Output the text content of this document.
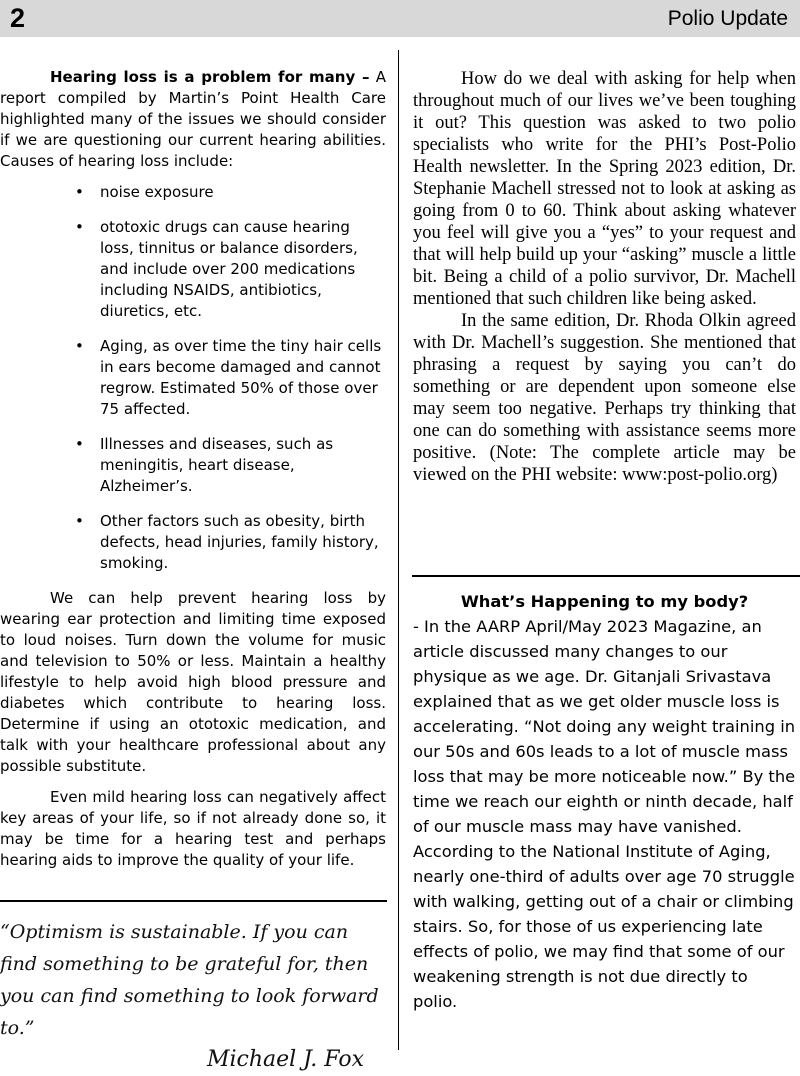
2	Polio Update

Hearing loss is a problem for many – A report compiled by Martin’s Point Health Care highlighted many of the issues we should consider if we are questioning our current hearing abilities. Causes of hearing loss include:

• noise exposure
• ototoxic drugs can cause hearing loss, tinnitus or balance disorders, and include over 200 medications including NSAIDS, antibiotics, diuretics, etc.
• Aging, as over time the tiny hair cells in ears become damaged and cannot regrow. Estimated 50% of those over 75 affected.
• Illnesses and diseases, such as meningitis, heart disease, Alzheimer’s.
• Other factors such as obesity, birth defects, head injuries, family history, smoking.

We can help prevent hearing loss by wearing ear protection and limiting time exposed to loud noises. Turn down the volume for music and television to 50% or less. Maintain a healthy lifestyle to help avoid high blood pressure and diabetes which contribute to hearing loss. Determine if using an ototoxic medication, and talk with your healthcare professional about any possible substitute.

Even mild hearing loss can negatively affect key areas of your life, so if not already done so, it may be time for a hearing test and perhaps hearing aids to improve the quality of your life.

“Optimism is sustainable. If you can find something to be grateful for, then you can find something to look forward to.”
Michael J. Fox

How do we deal with asking for help when throughout much of our lives we’ve been toughing it out? This question was asked to two polio specialists who write for the PHI’s Post-Polio Health newsletter. In the Spring 2023 edition, Dr. Stephanie Machell stressed not to look at asking as going from 0 to 60. Think about asking whatever you feel will give you a “yes” to your request and that will help build up your “asking” muscle a little bit. Being a child of a polio survivor, Dr. Machell mentioned that such children like being asked.

In the same edition, Dr. Rhoda Olkin agreed with Dr. Machell’s suggestion. She mentioned that phrasing a request by saying you can’t do something or are dependent upon someone else may seem too negative. Perhaps try thinking that one can do something with assistance seems more positive. (Note: The complete article may be viewed on the PHI website: www:post-polio.org)

What’s Happening to my body?

- In the AARP April/May 2023 Magazine, an article discussed many changes to our physique as we age. Dr. Gitanjali Srivastava explained that as we get older muscle loss is accelerating. “Not doing any weight training in our 50s and 60s leads to a lot of muscle mass loss that may be more noticeable now.” By the time we reach our eighth or ninth decade, half of our muscle mass may have vanished. According to the National Institute of Aging, nearly one-third of adults over age 70 struggle with walking, getting out of a chair or climbing stairs. So, for those of us experiencing late effects of polio, we may find that some of our weakening strength is not due directly to polio.
